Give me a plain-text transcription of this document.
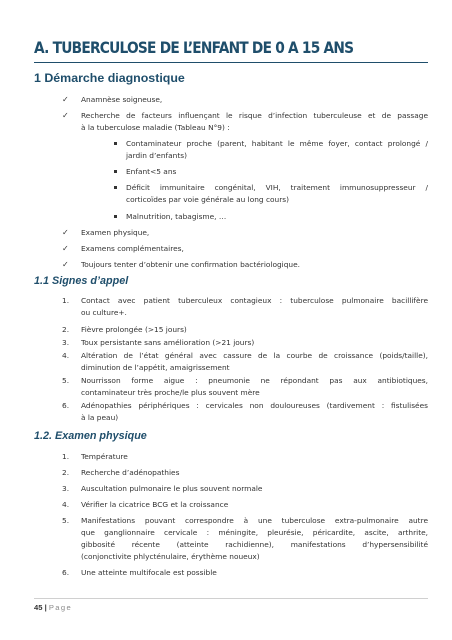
A. TUBERCULOSE DE L’ENFANT DE 0 A 15 ANS
1 Démarche diagnostique
✓ Anamnèse soigneuse,
✓ Recherche de facteurs influençant le risque d’infection tuberculeuse et de passage
à la tuberculose maladie (Tableau N°9) :
Contaminateur proche (parent, habitant le même foyer, contact prolongé /
jardin d’enfants)
Enfant<5 ans
Déficit immunitaire congénital, VIH, traitement immunosuppresseur /
corticoïdes par voie générale au long cours)
Malnutrition, tabagisme, …
✓ Examen physique,
✓ Examens complémentaires,
✓ Toujours tenter d’obtenir une confirmation bactériologique.
1.1 Signes d’appel
1. Contact avec patient tuberculeux contagieux : tuberculose pulmonaire bacillifère
ou culture+.
2. Fièvre prolongée (>15 jours)
3. Toux persistante sans amélioration (>21 jours)
4. Altération de l’état général avec cassure de la courbe de croissance (poids/taille),
diminution de l’appétit, amaigrissement
5. Nourrisson forme aigue : pneumonie ne répondant pas aux antibiotiques,
contaminateur très proche/le plus souvent mère
6. Adénopathies périphériques : cervicales non douloureuses (tardivement : fistulisées
à la peau)
1.2. Examen physique
1. Température
2. Recherche d’adénopathies
3. Auscultation pulmonaire le plus souvent normale
4. Vérifier la cicatrice BCG et la croissance
5. Manifestations pouvant correspondre à une tuberculose extra-pulmonaire autre
que ganglionnaire cervicale : méningite, pleurésie, péricardite, ascite, arthrite,
gibbosité récente (atteinte rachidienne), manifestations d’hypersensibilité
(conjonctivite phlycténulaire, érythème noueux)
6. Une atteinte multifocale est possible
45 | Page
